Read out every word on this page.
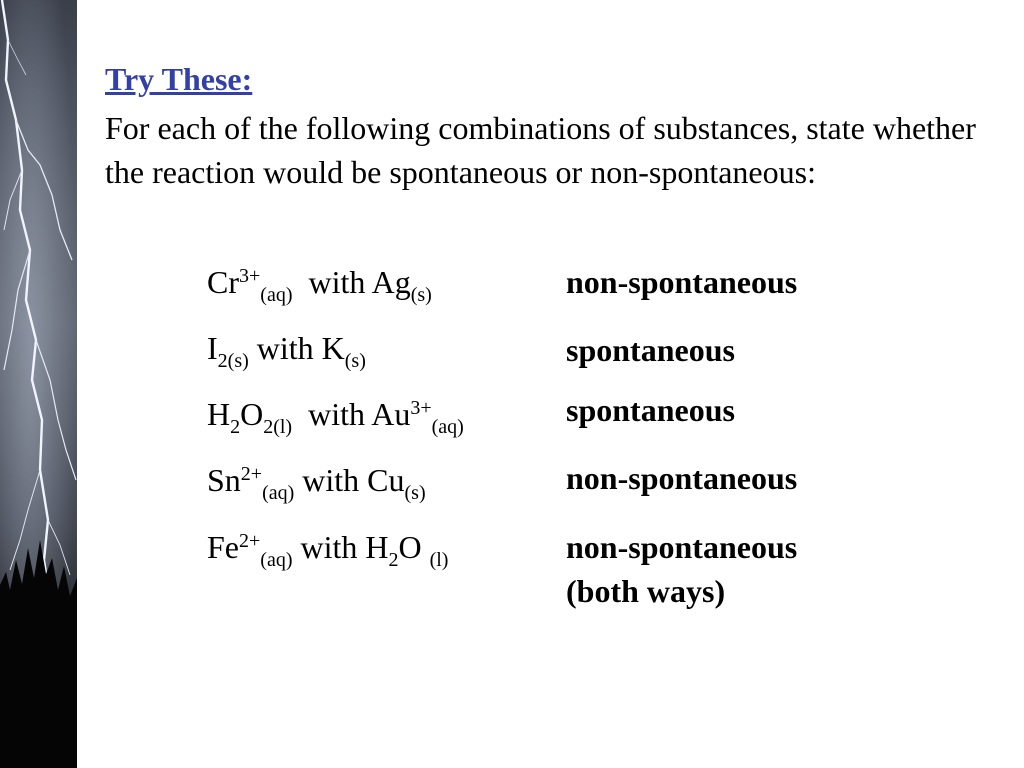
Try These:

For each of the following combinations of substances, state whether the reaction would be spontaneous or non-spontaneous:

$Cr^{3+}_{(aq)}$  with $Ag_{(s)}$	non-spontaneous
$I_{2(s)}$ with $K_{(s)}$	spontaneous
$H_2O_{2(l)}$  with $Au^{3+}_{(aq)}$	spontaneous
$Sn^{2+}_{(aq)}$ with $Cu_{(s)}$	non-spontaneous
$Fe^{2+}_{(aq)}$ with $H_2O$ $_{(l)}$	non-spontaneous
(both ways)
